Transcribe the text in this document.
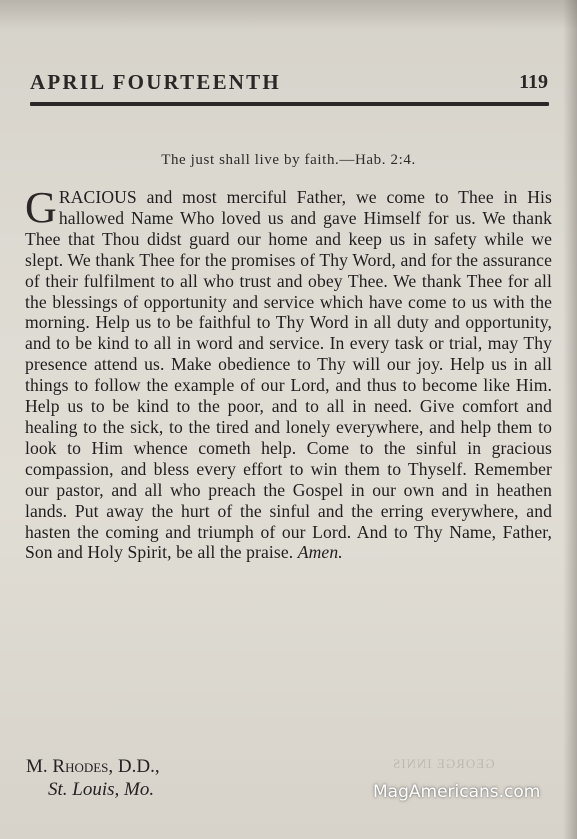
APRIL FOURTEENTH	119
The just shall live by faith.—Hab. 2:4.
GRACIOUS and most merciful Father, we come to Thee in His hallowed Name Who loved us and gave Himself for us. We thank Thee that Thou didst guard our home and keep us in safety while we slept. We thank Thee for the promises of Thy Word, and for the assurance of their fulfilment to all who trust and obey Thee. We thank Thee for all the blessings of opportunity and service which have come to us with the morning. Help us to be faithful to Thy Word in all duty and opportunity, and to be kind to all in word and service. In every task or trial, may Thy presence attend us. Make obedience to Thy will our joy. Help us in all things to follow the example of our Lord, and thus to become like Him. Help us to be kind to the poor, and to all in need. Give comfort and healing to the sick, to the tired and lonely everywhere, and help them to look to Him whence cometh help. Come to the sinful in gracious compassion, and bless every effort to win them to Thyself. Remember our pastor, and all who preach the Gospel in our own and in heathen lands. Put away the hurt of the sinful and the erring everywhere, and hasten the coming and triumph of our Lord. And to Thy Name, Father, Son and Holy Spirit, be all the praise. Amen.
GEORGE INNIS
M. Rhodes, D.D.,
St. Louis, Mo.	MagAmericans.com
